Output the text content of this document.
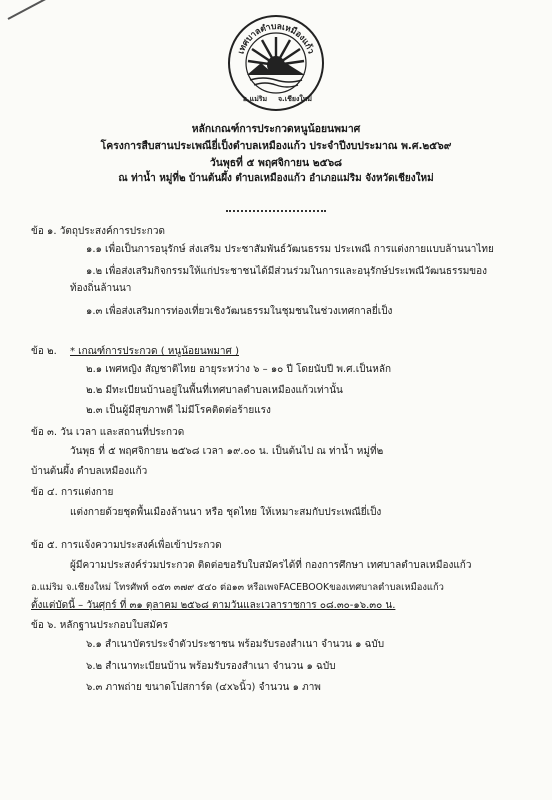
เทศบาลตำบลเหมืองแก้ว
อ.แม่ริม จ.เชียงใหม่
หลักเกณฑ์การประกวดหนูน้อยนพมาศ
โครงการสืบสานประเพณียี่เป็งตำบลเหมืองแก้ว ประจำปีงบประมาณ พ.ศ.๒๕๖๙
วันพุธที่ ๕ พฤศจิกายน ๒๕๖๘
ณ ท่าน้ำ หมู่ที่๒ บ้านต้นผึ้ง ตำบลเหมืองแก้ว อำเภอแม่ริม จังหวัดเชียงใหม่
ข้อ ๑. วัตถุประสงค์การประกวด
๑.๑ เพื่อเป็นการอนุรักษ์ ส่งเสริม ประชาสัมพันธ์วัฒนธรรม ประเพณี การแต่งกายแบบล้านนาไทย
๑.๒ เพื่อส่งเสริมกิจกรรมให้แก่ประชาชนได้มีส่วนร่วมในการและอนุรักษ์ประเพณีวัฒนธรรมของ
ท้องถิ่นล้านนา
๑.๓ เพื่อส่งเสริมการท่องเที่ยวเชิงวัฒนธรรมในชุมชนในช่วงเทศกาลยี่เป็ง
ข้อ ๒. * เกณฑ์การประกวด ( หนูน้อยนพมาศ )
๒.๑ เพศหญิง สัญชาติไทย อายุระหว่าง ๖ – ๑๐ ปี โดยนับปี พ.ศ.เป็นหลัก
๒.๒ มีทะเบียนบ้านอยู่ในพื้นที่เทศบาลตำบลเหมืองแก้วเท่านั้น
๒.๓ เป็นผู้มีสุขภาพดี ไม่มีโรคติดต่อร้ายแรง
ข้อ ๓. วัน เวลา และสถานที่ประกวด
วันพุธ ที่ ๕ พฤศจิกายน ๒๕๖๘ เวลา ๑๙.๐๐ น. เป็นต้นไป ณ ท่าน้ำ หมู่ที่๒
บ้านต้นผึ้ง ตำบลเหมืองแก้ว
ข้อ ๔. การแต่งกาย
แต่งกายด้วยชุดพื้นเมืองล้านนา หรือ ชุดไทย ให้เหมาะสมกับประเพณียี่เป็ง
ข้อ ๕. การแจ้งความประสงค์เพื่อเข้าประกวด
ผู้มีความประสงค์ร่วมประกวด ติดต่อขอรับใบสมัครได้ที่ กองการศึกษา เทศบาลตำบลเหมืองแก้ว
อ.แม่ริม จ.เชียงใหม่ โทรศัพท์ ๐๕๓ ๓๗๙ ๕๔๐ ต่อ๑๓ หรือเพจFACEBOOKของเทศบาลตำบลเหมืองแก้ว
ตั้งแต่บัดนี้ – วันศุกร์ ที่ ๓๑ ตุลาคม ๒๕๖๘ ตามวันและเวลาราชการ ๐๘.๓๐-๑๖.๓๐ น.
ข้อ ๖. หลักฐานประกอบใบสมัคร
๖.๑ สำเนาบัตรประจำตัวประชาชน พร้อมรับรองสำเนา จำนวน ๑ ฉบับ
๖.๒ สำเนาทะเบียนบ้าน พร้อมรับรองสำเนา จำนวน ๑ ฉบับ
๖.๓ ภาพถ่าย ขนาดโปสการ์ด (๔x๖นิ้ว) จำนวน ๑ ภาพ
